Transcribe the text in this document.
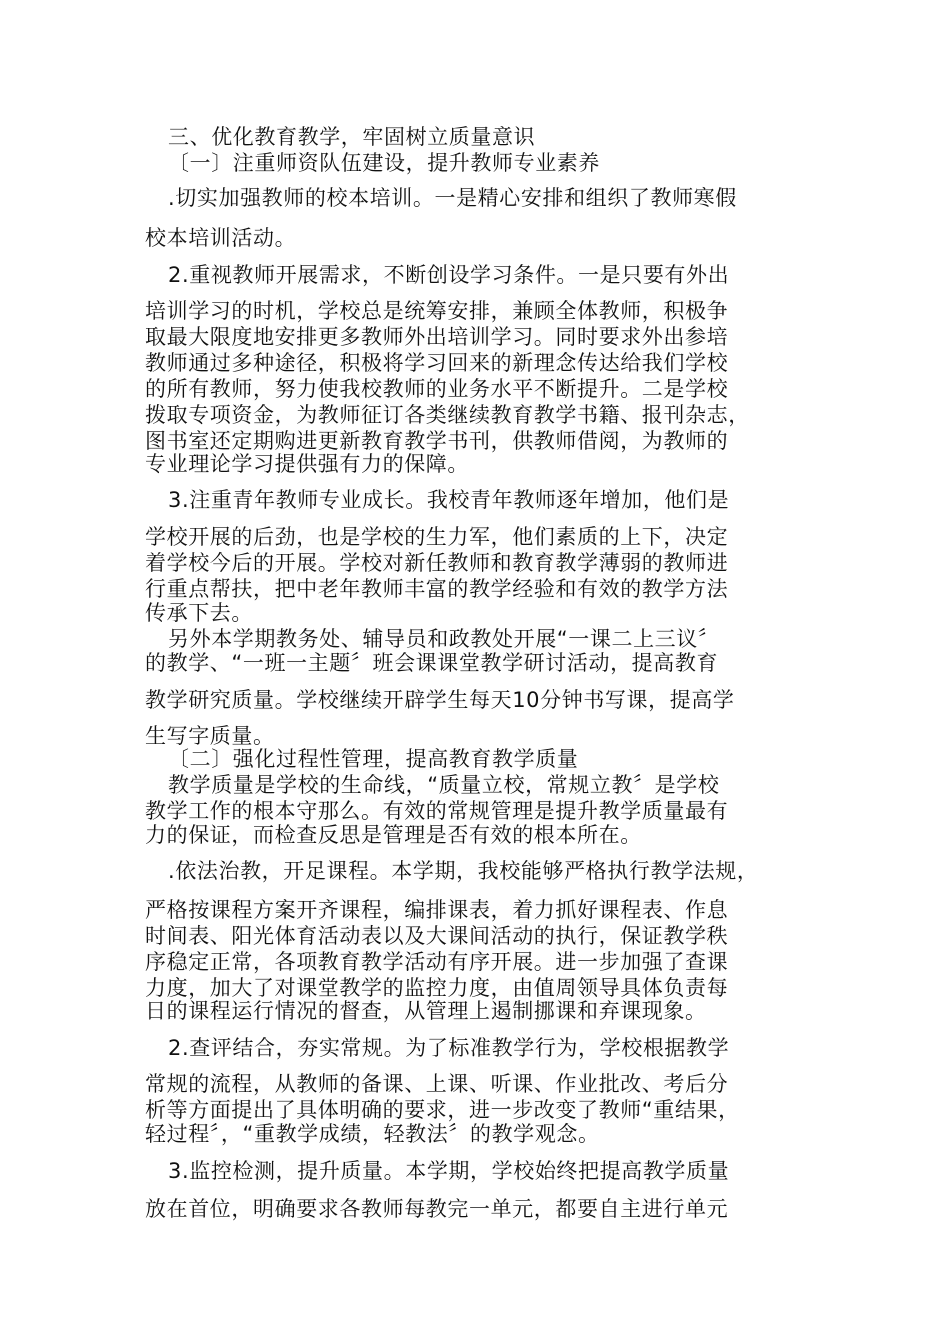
三、优化教育教学，牢固树立质量意识
〔一〕注重师资队伍建设，提升教师专业素养
.切实加强教师的校本培训。一是精心安排和组织了教师寒假
校本培训活动。
2.重视教师开展需求，不断创设学习条件。一是只要有外出
培训学习的时机，学校总是统筹安排，兼顾全体教师，积极争
取最大限度地安排更多教师外出培训学习。同时要求外出参培
教师通过多种途径，积极将学习回来的新理念传达给我们学校
的所有教师，努力使我校教师的业务水平不断提升。二是学校
拨取专项资金，为教师征订各类继续教育教学书籍、报刊杂志，
图书室还定期购进更新教育教学书刊，供教师借阅，为教师的
专业理论学习提供强有力的保障。
3.注重青年教师专业成长。我校青年教师逐年增加，他们是
学校开展的后劲，也是学校的生力军，他们素质的上下，决定
着学校今后的开展。学校对新任教师和教育教学薄弱的教师进
行重点帮扶，把中老年教师丰富的教学经验和有效的教学方法
传承下去。
另外本学期教务处、辅导员和政教处开展“一课二上三议〞
的教学、“一班一主题〞班会课课堂教学研讨活动，提高教育
教学研究质量。学校继续开辟学生每天10分钟书写课，提高学
生写字质量。
〔二〕强化过程性管理，提高教育教学质量
教学质量是学校的生命线，“质量立校，常规立教〞是学校
教学工作的根本守那么。有效的常规管理是提升教学质量最有
力的保证，而检查反思是管理是否有效的根本所在。
.依法治教，开足课程。本学期，我校能够严格执行教学法规，
严格按课程方案开齐课程，编排课表，着力抓好课程表、作息
时间表、阳光体育活动表以及大课间活动的执行，保证教学秩
序稳定正常，各项教育教学活动有序开展。进一步加强了查课
力度，加大了对课堂教学的监控力度，由值周领导具体负责每
日的课程运行情况的督查，从管理上遏制挪课和弃课现象。
2.查评结合，夯实常规。为了标准教学行为，学校根据教学
常规的流程，从教师的备课、上课、听课、作业批改、考后分
析等方面提出了具体明确的要求，进一步改变了教师“重结果，
轻过程〞，“重教学成绩，轻教法〞的教学观念。
3.监控检测，提升质量。本学期，学校始终把提高教学质量
放在首位，明确要求各教师每教完一单元，都要自主进行单元
